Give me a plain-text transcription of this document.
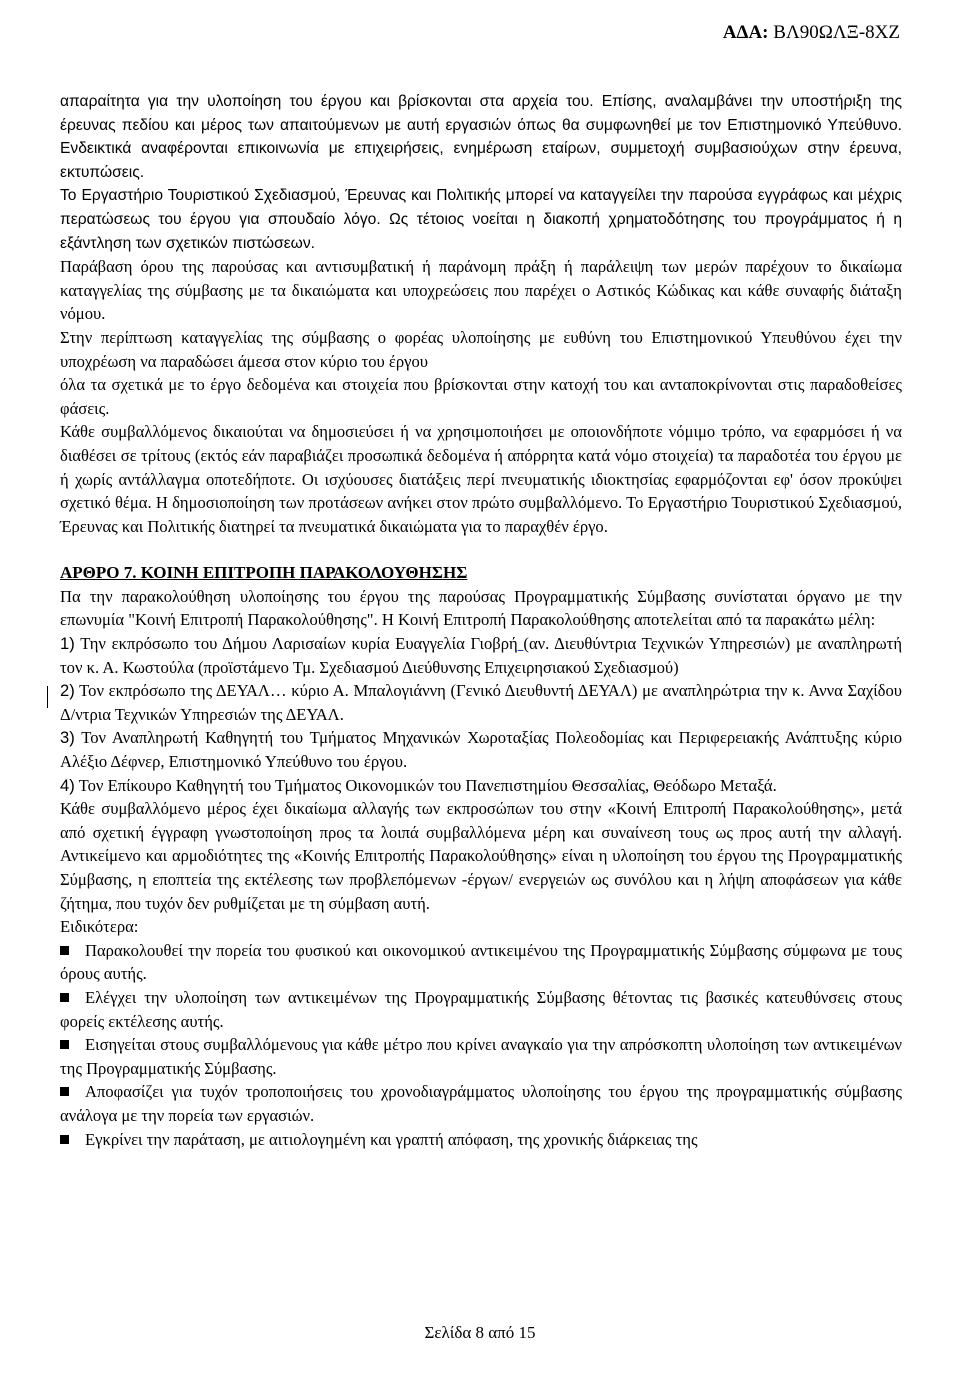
ΑΔΑ: ΒΛ90ΩΛΞ-8ΧΖ

απαραίτητα για την υλοποίηση του έργου και βρίσκονται στα αρχεία του. Επίσης, αναλαμβάνει την υποστήριξη της έρευνας πεδίου και μέρος των απαιτούμενων με αυτή εργασιών όπως θα συμφωνηθεί με τον Επιστημονικό Υπεύθυνο. Ενδεικτικά αναφέρονται επικοινωνία με επιχειρήσεις, ενημέρωση εταίρων, συμμετοχή συμβασιούχων στην έρευνα, εκτυπώσεις.

Το Εργαστήριο Τουριστικού Σχεδιασμού, Έρευνας και Πολιτικής μπορεί να καταγγείλει την παρούσα εγγράφως και μέχρις περατώσεως του έργου για σπουδαίο λόγο. Ως τέτοιος νοείται η διακοπή χρηματοδότησης του προγράμματος ή η εξάντληση των σχετικών πιστώσεων.

Παράβαση όρου της παρούσας και αντισυμβατική ή παράνομη πράξη ή παράλειψη των μερών παρέχουν το δικαίωμα καταγγελίας της σύμβασης με τα δικαιώματα και υποχρεώσεις που παρέχει ο Αστικός Κώδικας και κάθε συναφής διάταξη νόμου.

Στην περίπτωση καταγγελίας της σύμβασης ο φορέας υλοποίησης με ευθύνη του Επιστημονικού Υπευθύνου έχει την υποχρέωση να παραδώσει άμεσα στον κύριο του έργου

όλα τα σχετικά με το έργο δεδομένα και στοιχεία που βρίσκονται στην κατοχή του και ανταποκρίνονται στις παραδοθείσες φάσεις.

Κάθε συμβαλλόμενος δικαιούται να δημοσιεύσει ή να χρησιμοποιήσει με οποιονδήποτε νόμιμο τρόπο, να εφαρμόσει ή να διαθέσει σε τρίτους (εκτός εάν παραβιάζει προσωπικά δεδομένα ή απόρρητα κατά νόμο στοιχεία) τα παραδοτέα του έργου με ή χωρίς αντάλλαγμα οποτεδήποτε. Οι ισχύουσες διατάξεις περί πνευματικής ιδιοκτησίας εφαρμόζονται εφ' όσον προκύψει σχετικό θέμα. Η δημοσιοποίηση των προτάσεων ανήκει στον πρώτο συμβαλλόμενο. Το Εργαστήριο Τουριστικού Σχεδιασμού, Έρευνας και Πολιτικής διατηρεί τα πνευματικά δικαιώματα για το παραχθέν έργο.

ΑΡΘΡΟ 7. ΚΟΙΝΗ ΕΠΙΤΡΟΠΗ ΠΑΡΑΚΟΛΟΥΘΗΣΗΣ

Πα την παρακολούθηση υλοποίησης του έργου της παρούσας Προγραμματικής Σύμβασης συνίσταται όργανο με την επωνυμία "Κοινή Επιτροπή Παρακολούθησης". Η Κοινή Επιτροπή Παρακολούθησης αποτελείται από τα παρακάτω μέλη:

1) Την εκπρόσωπο του Δήμου Λαρισαίων κυρία Ευαγγελία Γιοβρή (αν. Διευθύντρια Τεχνικών Υπηρεσιών) με αναπληρωτή τον κ. Α. Κωστούλα (προϊστάμενο Τμ. Σχεδιασμού Διεύθυνσης Επιχειρησιακού Σχεδιασμού)

2) Τον εκπρόσωπο της ΔΕΥΑΛ… κύριο Α. Μπαλογιάννη (Γενικό Διευθυντή ΔΕΥΑΛ) με αναπληρώτρια την κ. Αννα Σαχίδου Δ/ντρια Τεχνικών Υπηρεσιών της ΔΕΥΑΛ.

3) Τον Αναπληρωτή Καθηγητή του Τμήματος Μηχανικών Χωροταξίας Πολεοδομίας και Περιφερειακής Ανάπτυξης κύριο Αλέξιο Δέφνερ, Επιστημονικό Υπεύθυνο του έργου.

4) Τον Επίκουρο Καθηγητή του Τμήματος Οικονομικών του Πανεπιστημίου Θεσσαλίας, Θεόδωρο Μεταξά.

Κάθε συμβαλλόμενο μέρος έχει δικαίωμα αλλαγής των εκπροσώπων του στην «Κοινή Επιτροπή Παρακολούθησης», μετά από σχετική έγγραφη γνωστοποίηση προς τα λοιπά συμβαλλόμενα μέρη και συναίνεση τους ως προς αυτή την αλλαγή. Αντικείμενο και αρμοδιότητες της «Κοινής Επιτροπής Παρακολούθησης» είναι η υλοποίηση του έργου της Προγραμματικής Σύμβασης, η εποπτεία της εκτέλεσης των προβλεπόμενων -έργων/ ενεργειών ως συνόλου και η λήψη αποφάσεων για κάθε ζήτημα, που τυχόν δεν ρυθμίζεται με τη σύμβαση αυτή.

Ειδικότερα:

Παρακολουθεί την πορεία του φυσικού και οικονομικού αντικειμένου της Προγραμματικής Σύμβασης σύμφωνα με τους όρους αυτής.

Ελέγχει την υλοποίηση των αντικειμένων της Προγραμματικής Σύμβασης θέτοντας τις βασικές κατευθύνσεις στους φορείς εκτέλεσης αυτής.

Εισηγείται στους συμβαλλόμενους για κάθε μέτρο που κρίνει αναγκαίο για την απρόσκοπτη υλοποίηση των αντικειμένων της Προγραμματικής Σύμβασης.

Αποφασίζει για τυχόν τροποποιήσεις του χρονοδιαγράμματος υλοποίησης του έργου της προγραμματικής σύμβασης ανάλογα με την πορεία των εργασιών.

Εγκρίνει την παράταση, με αιτιολογημένη και γραπτή απόφαση, της χρονικής διάρκειας της

Σελίδα 8 από 15
